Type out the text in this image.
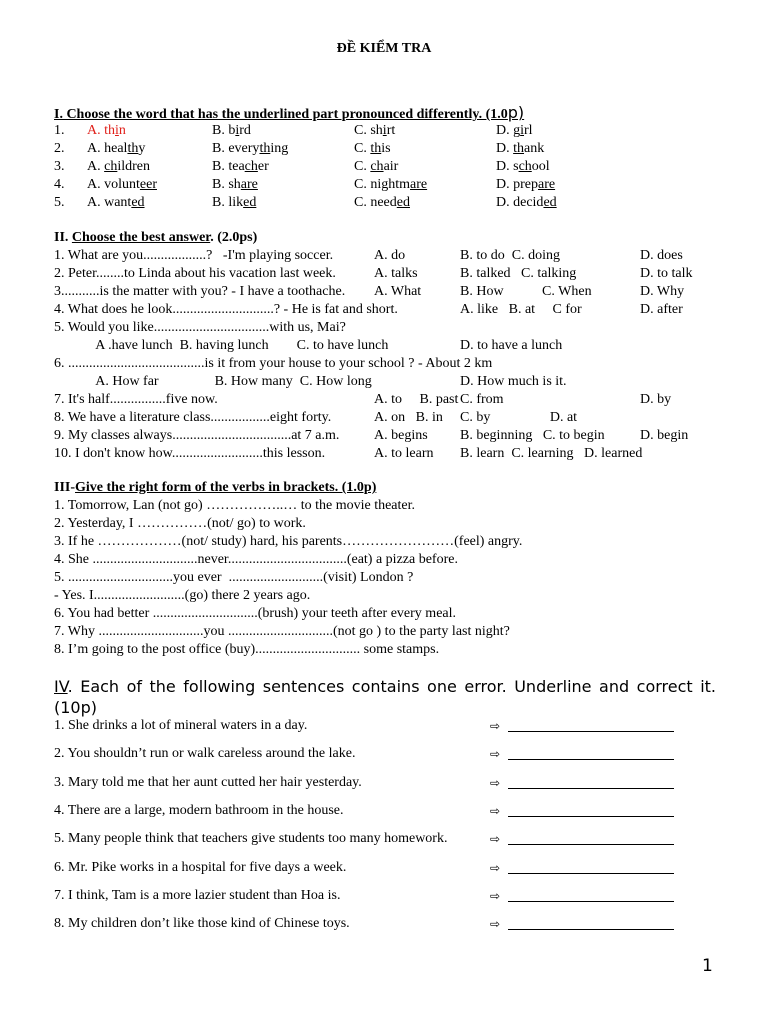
ĐỀ KIỂM TRA
I. Choose the word that has the underlined part pronounced differently. (1.0p)
1. A. thin	B. bird	C. shirt	D. girl
2. A. healthy	B. everything	C. this	D. thank
3. A. children	B. teacher	C. chair	D. school
4. A. volunteer	B. share	C. nightmare	D. prepare
5. A. wanted	B. liked	C. needed	D. decided
II. Choose the best answer. (2.0ps)
1. What are you..................?   -I'm playing soccer.	A. do	B. to do  C. doing	D. does
2. Peter........to Linda about his vacation last week.	A. talks	B. talked   C. talking	D. to talk
3...........is the matter with you? - I have a toothache. A. What	B. How           C. When	D. Why
4. What does he look.............................? - He is fat and short.	A. like   B. at     C for	D. after
5. Would you like.................................with us, Mai?
A .have lunch  B. having lunch        C. to have lunch	D. to have a lunch
6. .......................................is it from your house to your school ? - About 2 km
A. How far                B. How many  C. How long	D. How much is it.
7. It's half................five now.	A. to     B. past C. from	D. by
8. We have a literature class.................eight forty.	A. on   B. in C. by                 D. at
9. My classes always..................................at 7 a.m. A. begins B. beginning   C. to begin	D. begin
10. I don't know how..........................this lesson.	A. to learn B. learn  C. learning   D. learned
III-Give the right form of the verbs in brackets. (1.0p)
1. Tomorrow, Lan (not go) ……………..… to the movie theater.
2. Yesterday, I ……………(not/ go) to work.
3. If he ………………(not/ study) hard, his parents……………………(feel) angry.
4. She ..............................never..................................(eat) a pizza before.
5. ..............................you ever  ...........................(visit) London ?
- Yes. I..........................(go) there 2 years ago.
6. You had better ..............................(brush) your teeth after every meal.
7. Why ..............................you ..............................(not go ) to the party last night?
8. I’m going to the post office (buy).............................. some stamps.
IV. Each of the following sentences contains one error. Underline and correct it. (10p)
1. She drinks a lot of mineral waters in a day.	⇨
2. You shouldn’t run or walk careless around the lake.	⇨
3. Mary told me that her aunt cutted her hair yesterday.	⇨
4. There are a large, modern bathroom in the house.	⇨
5. Many people think that teachers give students too many homework.	⇨
6. Mr. Pike works in a hospital for five days a week.	⇨
7. I think, Tam is a more lazier student than Hoa is.	⇨
8. My children don’t like those kind of Chinese toys.	⇨
1
